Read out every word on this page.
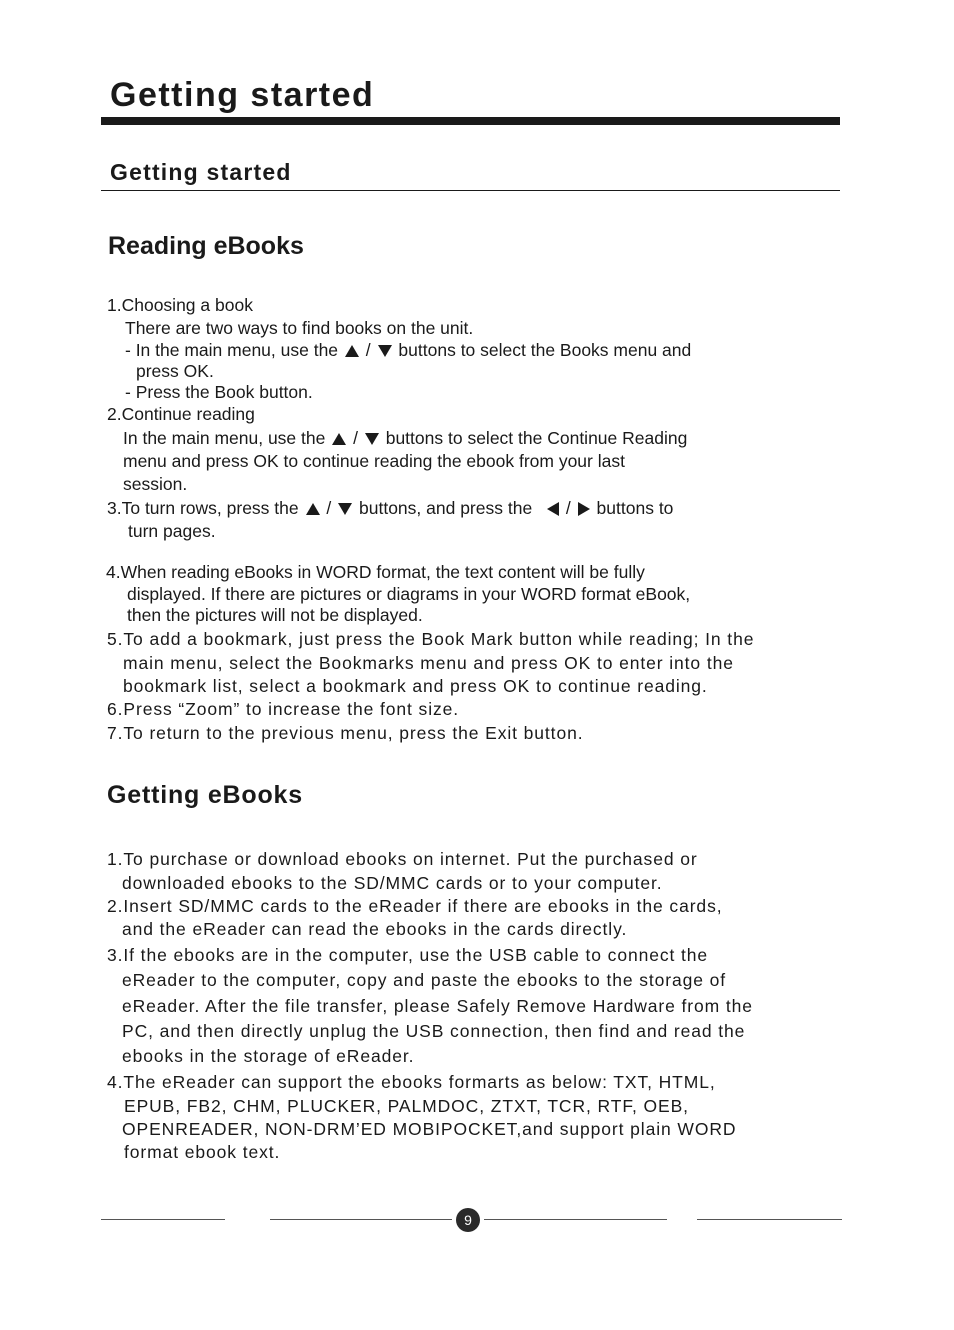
Getting started
Getting started
Reading eBooks
1.Choosing a book
There are two ways to find books on the unit.
- In the main menu, use the / buttons to select the Books menu and
press OK.
- Press the Book button.
2.Continue reading
In the main menu, use the / buttons to select the Continue Reading
menu and press OK to continue reading the ebook from your last
session.
3.To turn rows, press the / buttons, and press the / buttons to
turn pages.
4.When reading eBooks in WORD format, the text content will be fully
displayed. If there are pictures or diagrams in your WORD format eBook,
then the pictures will not be displayed.
5.To add a bookmark, just press the Book Mark button while reading; In the
main menu, select the Bookmarks menu and press OK to enter into the
bookmark list, select a bookmark and press OK to continue reading.
6.Press “Zoom” to increase the font size.
7.To return to the previous menu, press the Exit button.
Getting eBooks
1.To purchase or download ebooks on internet. Put the purchased or
downloaded ebooks to the SD/MMC cards or to your computer.
2.Insert SD/MMC cards to the eReader if there are ebooks in the cards,
and the eReader can read the ebooks in the cards directly.
3.If the ebooks are in the computer, use the USB cable to connect the
eReader to the computer, copy and paste the ebooks to the storage of
eReader. After the file transfer, please Safely Remove Hardware from the
PC, and then directly unplug the USB connection, then find and read the
ebooks in the storage of eReader.
4.The eReader can support the ebooks formarts as below: TXT, HTML,
EPUB, FB2, CHM, PLUCKER, PALMDOC, ZTXT, TCR, RTF, OEB,
OPENREADER, NON-DRM’ED MOBIPOCKET,and support plain WORD
format ebook text.
9
